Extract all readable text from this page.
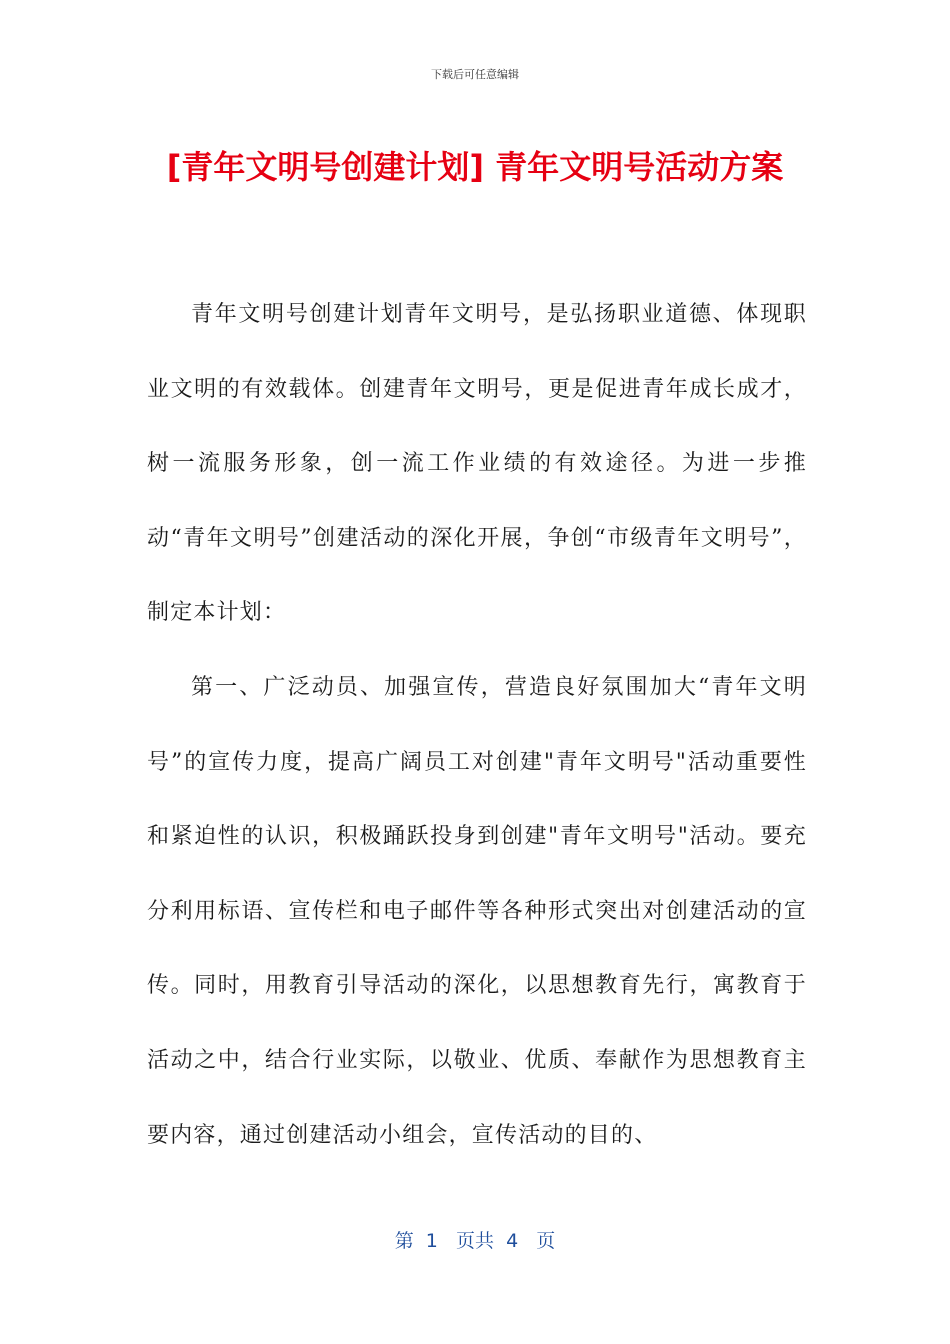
下载后可任意编辑
[青年文明号创建计划] 青年文明号活动方案

青年文明号创建计划青年文明号，是弘扬职业道德、体现职业文明的有效载体。创建青年文明号，更是促进青年成长成才，树一流服务形象，创一流工作业绩的有效途径。为进一步推动“青年文明号”创建活动的深化开展，争创“市级青年文明号”，制定本计划：

第一、广泛动员、加强宣传，营造良好氛围加大“青年文明号”的宣传力度，提高广阔员工对创建"青年文明号"活动重要性和紧迫性的认识，积极踊跃投身到创建"青年文明号"活动。要充分利用标语、宣传栏和电子邮件等各种形式突出对创建活动的宣传。同时，用教育引导活动的深化，以思想教育先行，寓教育于活动之中，结合行业实际，以敬业、优质、奉献作为思想教育主要内容，通过创建活动小组会，宣传活动的目的、

第  1   页共  4   页
